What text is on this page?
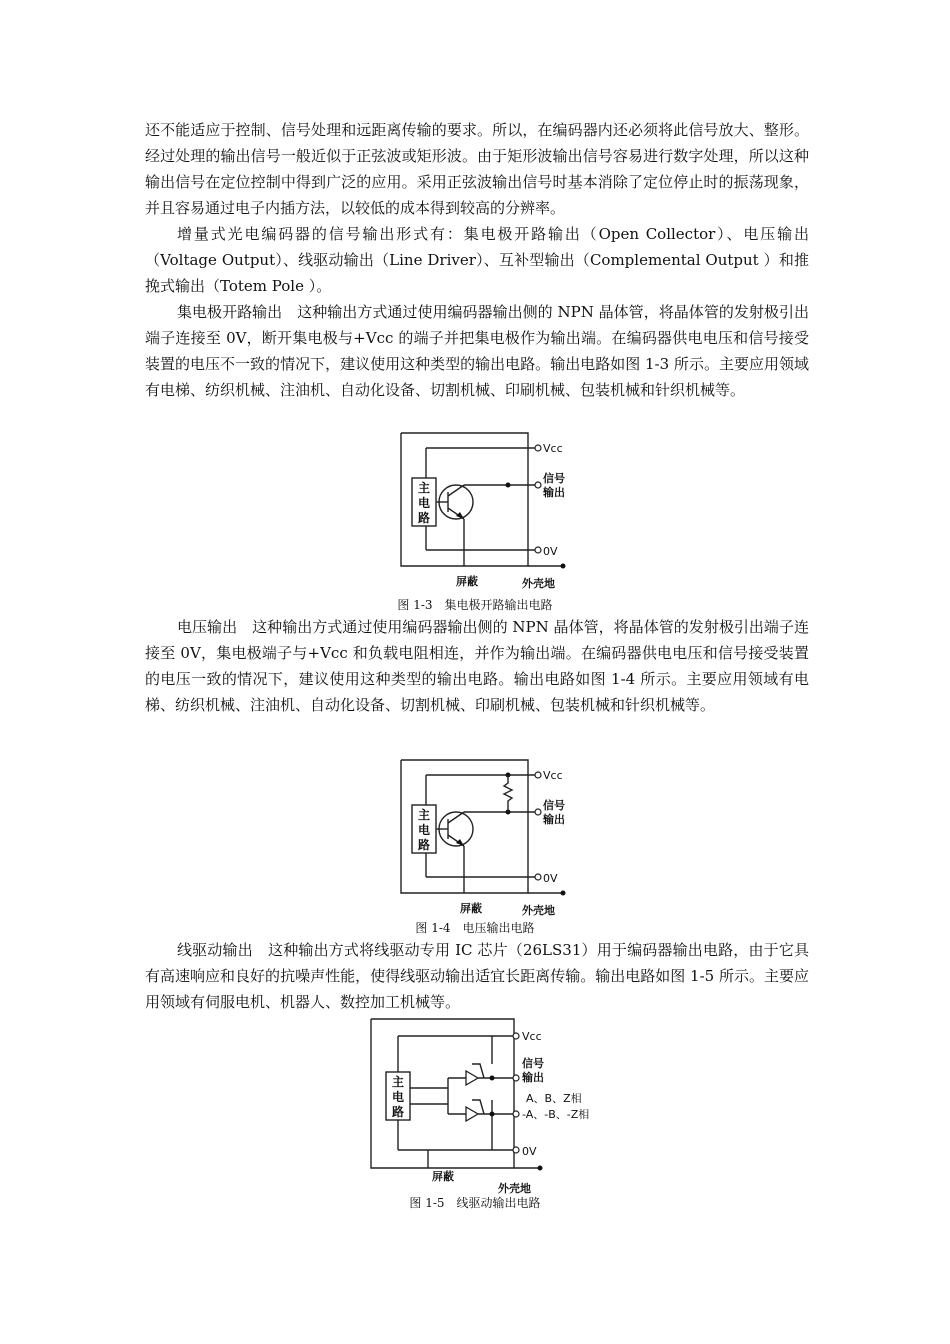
还不能适应于控制、信号处理和远距离传输的要求。所以，在编码器内还必须将此信号放大、整形。经过处理的输出信号一般近似于正弦波或矩形波。由于矩形波输出信号容易进行数字处理，所以这种输出信号在定位控制中得到广泛的应用。采用正弦波输出信号时基本消除了定位停止时的振荡现象，并且容易通过电子内插方法，以较低的成本得到较高的分辨率。

增量式光电编码器的信号输出形式有：集电极开路输出（Open Collector）、电压输出（Voltage Output）、线驱动输出（Line Driver）、互补型输出（Complemental Output ）和推挽式输出（Totem Pole ）。

集电极开路输出　这种输出方式通过使用编码器输出侧的 NPN 晶体管，将晶体管的发射极引出端子连接至 0V，断开集电极与+Vcc 的端子并把集电极作为输出端。在编码器供电电压和信号接受装置的电压不一致的情况下，建议使用这种类型的输出电路。输出电路如图 1-3 所示。主要应用领域有电梯、纺织机械、注油机、自动化设备、切割机械、印刷机械、包装机械和针织机械等。

主
电
路
Vcc
信号
输出
0V
屏蔽	外壳地
图 1-3　集电极开路输出电路

电压输出　这种输出方式通过使用编码器输出侧的 NPN 晶体管，将晶体管的发射极引出端子连接至 0V，集电极端子与+Vcc 和负载电阻相连，并作为输出端。在编码器供电电压和信号接受装置的电压一致的情况下，建议使用这种类型的输出电路。输出电路如图 1-4 所示。主要应用领域有电梯、纺织机械、注油机、自动化设备、切割机械、印刷机械、包装机械和针织机械等。

主
电
路
Vcc
信号
输出
0V
屏蔽	外壳地
图 1-4　电压输出电路

线驱动输出　这种输出方式将线驱动专用 IC 芯片（26LS31）用于编码器输出电路，由于它具有高速响应和良好的抗噪声性能，使得线驱动输出适宜长距离传输。输出电路如图 1-5 所示。主要应用领域有伺服电机、机器人、数控加工机械等。

主
电
路
Vcc
信号
输出
A、B、Z相
-A、-B、-Z相
0V
屏蔽
外壳地
图 1-5　线驱动输出电路
